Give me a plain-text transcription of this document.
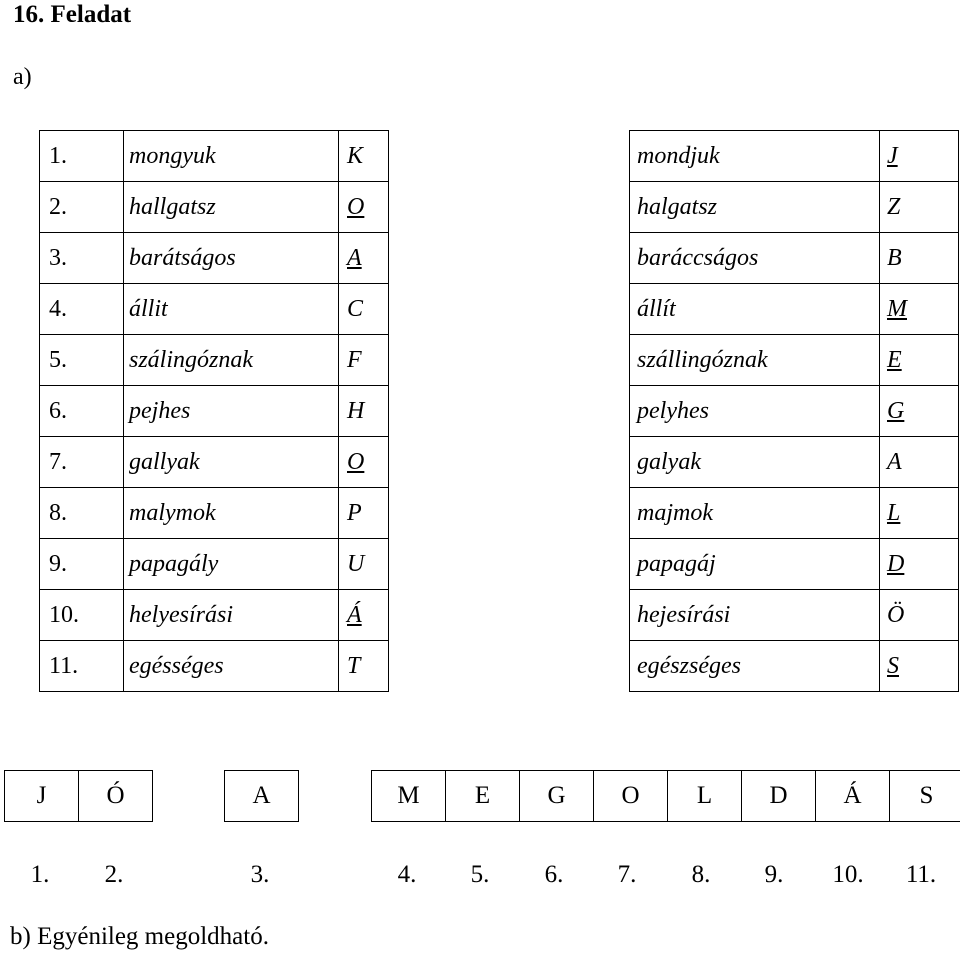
16. Feladat
a)
1.	mongyuk	K
2.	hallgatsz	O
3.	barátságos	A
4.	állit	C
5.	szálingóznak	F
6.	pejhes	H
7.	gallyak	O
8.	malymok	P
9.	papagály	U
10.	helyesírási	Á
11.	egésséges	T
mondjuk	J
halgatsz	Z
baráccságos	B
állít	M
szállingóznak	E
pelyhes	G
galyak	A
majmok	L
papagáj	D
hejesírási	Ö
egészséges	S
J	Ó	A	M	E	G	O	L	D	Á	S
1. 2.	3.	4. 5. 6. 7. 8. 9. 10. 11.
b) Egyénileg megoldható.
